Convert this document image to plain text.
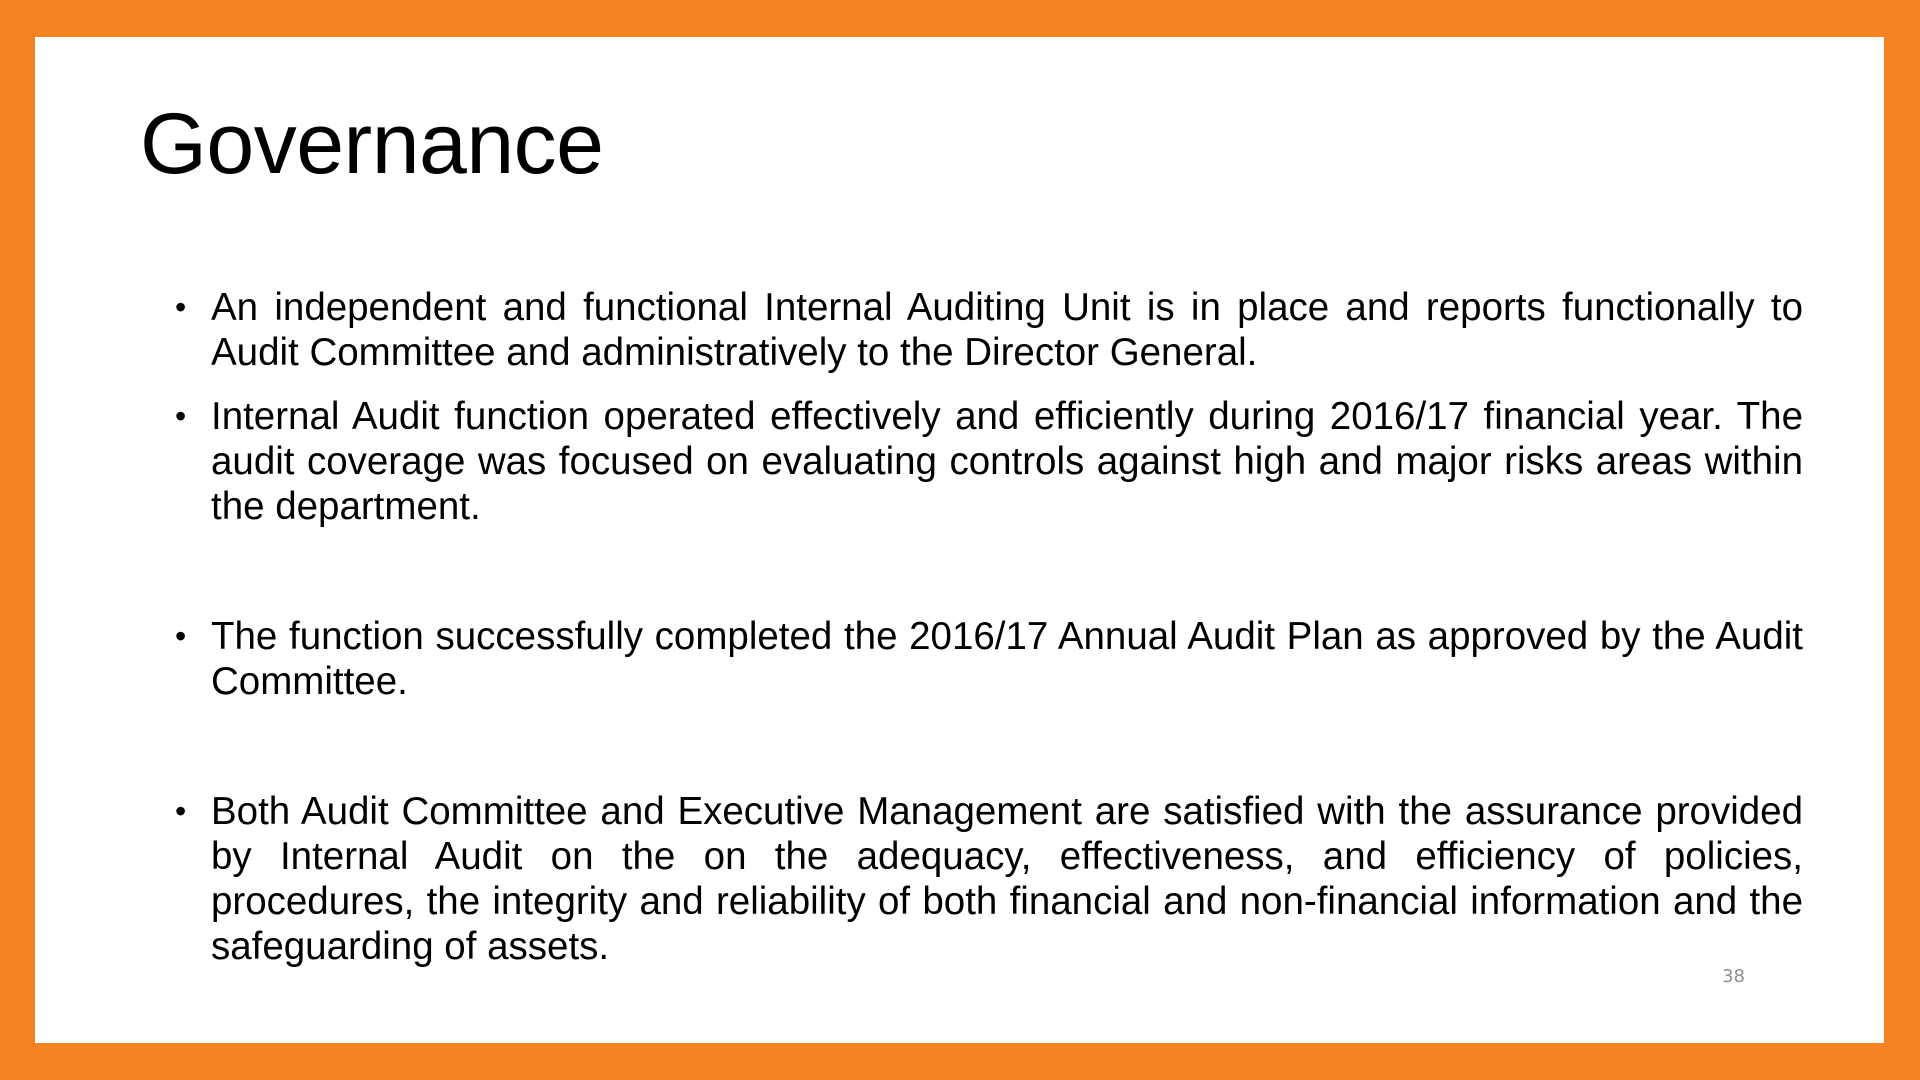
Governance
• An independent and functional Internal Auditing Unit is in place and reports functionally to Audit Committee and administratively to the Director General.
• Internal Audit function operated effectively and efficiently during 2016/17 financial year. The audit coverage was focused on evaluating controls against high and major risks areas within the department.
• The function successfully completed the 2016/17 Annual Audit Plan as approved by the Audit Committee.
• Both Audit Committee and Executive Management are satisfied with the assurance provided by Internal Audit on the on the adequacy, effectiveness, and efficiency of policies, procedures, the integrity and reliability of both financial and non-financial information and the safeguarding of assets.
38
